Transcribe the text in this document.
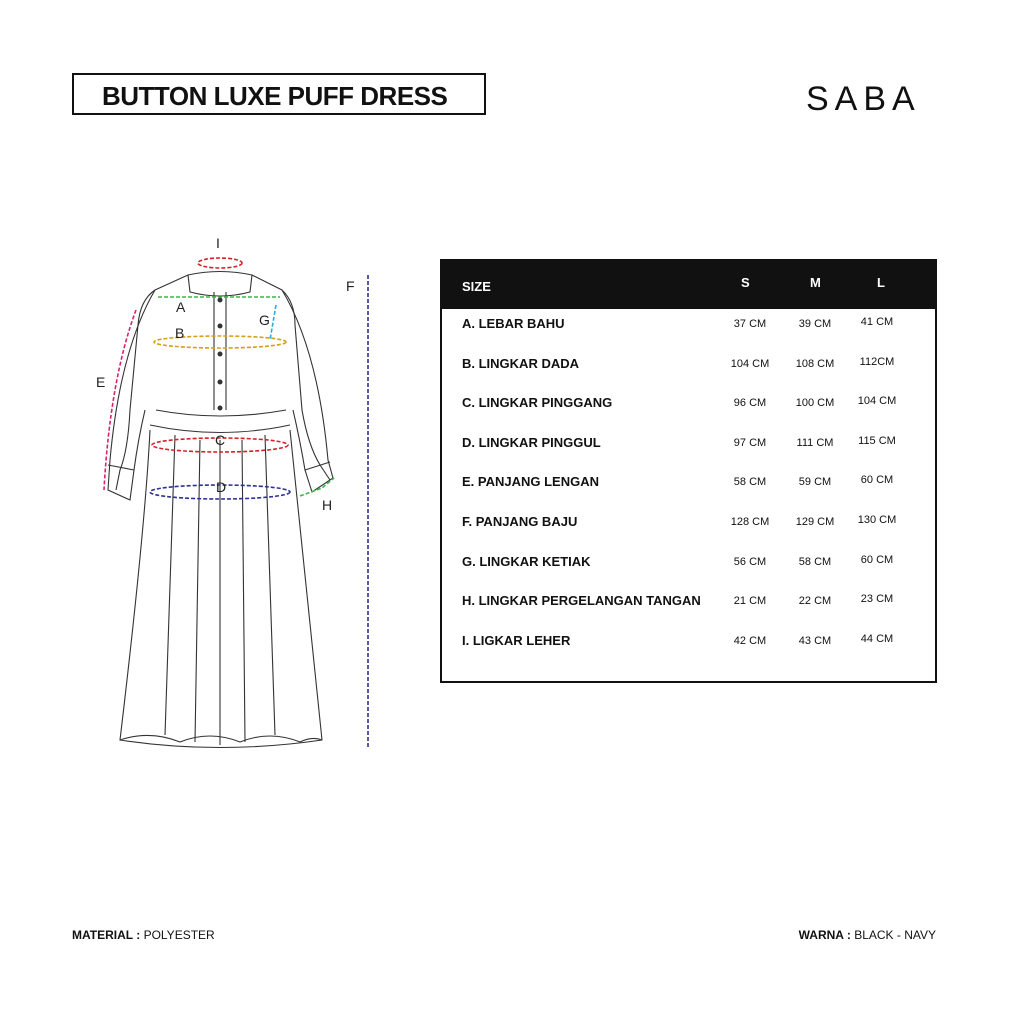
BUTTON LUXE PUFF DRESS	SABA
A
B
C
D
E
F
G
H
I
SIZE	S	M	L
A. LEBAR BAHU	37 CM	39 CM	41 CM
B. LINGKAR DADA	104 CM	108 CM	112CM
C. LINGKAR PINGGANG	96 CM	100 CM	104 CM
D. LINGKAR PINGGUL	97 CM	111 CM	115 CM
E. PANJANG LENGAN	58 CM	59 CM	60 CM
F. PANJANG BAJU	128 CM	129 CM	130 CM
G. LINGKAR KETIAK	56 CM	58 CM	60 CM
H. LINGKAR PERGELANGAN TANGAN	21 CM	22 CM	23 CM
I. LIGKAR LEHER	42 CM	43 CM	44 CM
MATERIAL : POLYESTER	WARNA : BLACK - NAVY
